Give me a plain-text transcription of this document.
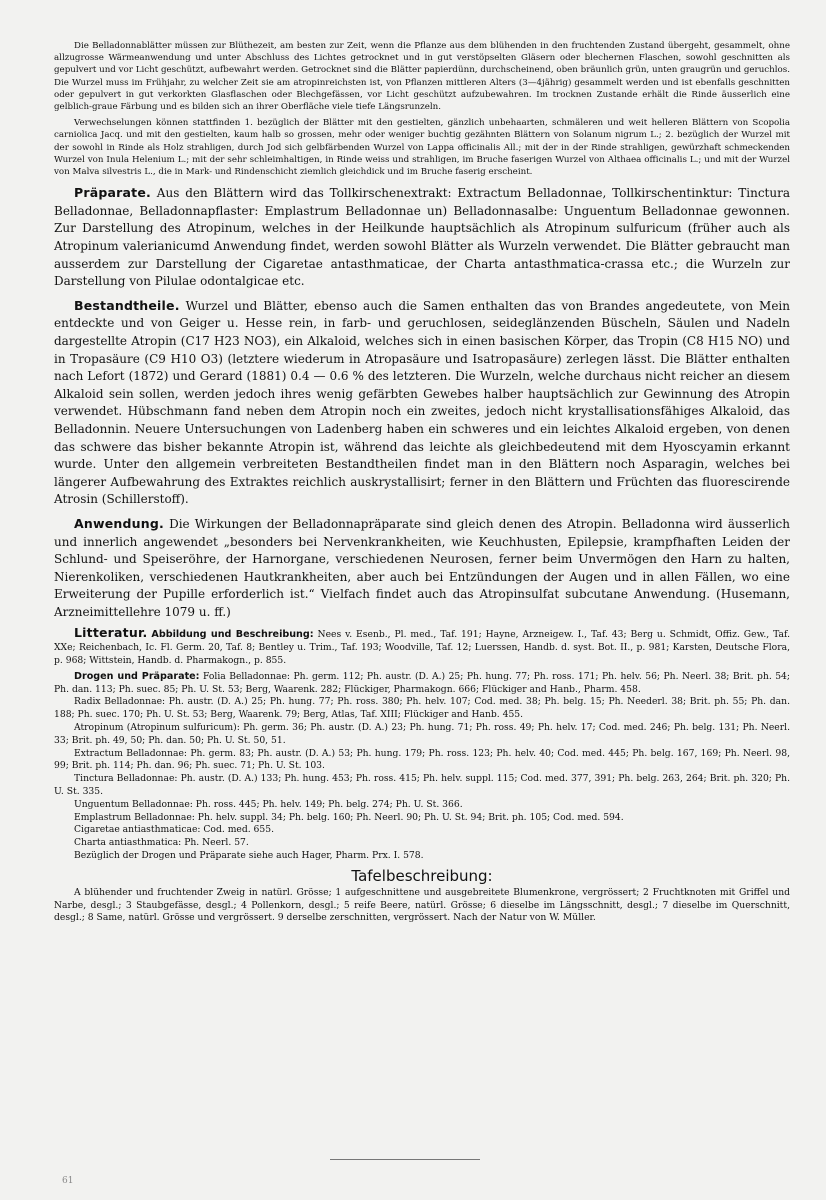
Die Belladonnablätter müssen zur Blüthezeit, am besten zur Zeit, wenn die Pflanze aus dem blühenden in den fruchtenden Zustand übergeht, gesammelt, ohne allzugrosse Wärmeanwendung und unter Abschluss des Lichtes getrocknet und in gut verstöpselten Gläsern oder blechernen Flaschen, sowohl geschnitten als gepulvert und vor Licht geschützt, aufbewahrt werden. Getrocknet sind die Blätter papierdünn, durchscheinend, oben bräunlich grün, unten graugrün und geruchlos. Die Wurzel muss im Frühjahr, zu welcher Zeit sie am atropinreichsten ist, von Pflanzen mittleren Alters (3—4jährig) gesammelt werden und ist ebenfalls geschnitten oder gepulvert in gut verkorkten Glasflaschen oder Blechgefässen, vor Licht geschützt aufzubewahren. Im trocknen Zustande erhält die Rinde äusserlich eine gelblich-graue Färbung und es bilden sich an ihrer Oberfläche viele tiefe Längsrunzeln.

Verwechselungen können stattfinden 1. bezüglich der Blätter mit den gestielten, gänzlich unbehaarten, schmäleren und weit helleren Blättern von Scopolia carniolica Jacq. und mit den gestielten, kaum halb so grossen, mehr oder weniger buchtig gezähnten Blättern von Solanum nigrum L.; 2. bezüglich der Wurzel mit der sowohl in Rinde als Holz strahligen, durch Jod sich gelbfärbenden Wurzel von Lappa officinalis All.; mit der in der Rinde strahligen, gewürzhaft schmeckenden Wurzel von Inula Helenium L.; mit der sehr schleimhaltigen, in Rinde weiss und strahligen, im Bruche faserigen Wurzel von Althaea officinalis L.; und mit der Wurzel von Malva silvestris L., die in Mark- und Rindenschicht ziemlich gleichdick und im Bruche faserig erscheint.

Präparate. Aus den Blättern wird das Tollkirschenextrakt: Extractum Belladonnae, Tollkirschentinktur: Tinctura Belladonnae, Belladonnapflaster: Emplastrum Belladonnae un) Belladonnasalbe: Unguentum Belladonnae gewonnen. Zur Darstellung des Atropinum, welches in der Heilkunde hauptsächlich als Atropinum sulfuricum (früher auch als Atropinum valerianicumd Anwendung findet, werden sowohl Blätter als Wurzeln verwendet. Die Blätter gebraucht man ausserdem zur Darstellung der Cigaretae antasthmaticae, der Charta antasthmatica-crassa etc.; die Wurzeln zur Darstellung von Pilulae odontalgicae etc.

Bestandtheile. Wurzel und Blätter, ebenso auch die Samen enthalten das von Brandes angedeutete, von Mein entdeckte und von Geiger u. Hesse rein, in farb- und geruchlosen, seideglänzenden Büscheln, Säulen und Nadeln dargestellte Atropin (C17 H23 NO3), ein Alkaloid, welches sich in einen basischen Körper, das Tropin (C8 H15 NO) und in Tropasäure (C9 H10 O3) (letztere wiederum in Atropasäure und Isatropasäure) zerlegen lässt. Die Blätter enthalten nach Lefort (1872) und Gerard (1881) 0.4 — 0.6 % des letzteren. Die Wurzeln, welche durchaus nicht reicher an diesem Alkaloid sein sollen, werden jedoch ihres wenig gefärbten Gewebes halber hauptsächlich zur Gewinnung des Atropin verwendet. Hübschmann fand neben dem Atropin noch ein zweites, jedoch nicht krystallisationsfähiges Alkaloid, das Belladonnin. Neuere Untersuchungen von Ladenberg haben ein schweres und ein leichtes Alkaloid ergeben, von denen das schwere das bisher bekannte Atropin ist, während das leichte als gleichbedeutend mit dem Hyoscyamin erkannt wurde. Unter den allgemein verbreiteten Bestandtheilen findet man in den Blättern noch Asparagin, welches bei längerer Aufbewahrung des Extraktes reichlich auskrystallisirt; ferner in den Blättern und Früchten das fluorescirende Atrosin (Schillerstoff).

Anwendung. Die Wirkungen der Belladonnapräparate sind gleich denen des Atropin. Belladonna wird äusserlich und innerlich angewendet „besonders bei Nervenkrankheiten, wie Keuchhusten, Epilepsie, krampfhaften Leiden der Schlund- und Speiseröhre, der Harnorgane, verschiedenen Neurosen, ferner beim Unvermögen den Harn zu halten, Nierenkoliken, verschiedenen Hautkrankheiten, aber auch bei Entzündungen der Augen und in allen Fällen, wo eine Erweiterung der Pupille erforderlich ist.“ Vielfach findet auch das Atropinsulfat subcutane Anwendung. (Husemann, Arzneimittellehre 1079 u. ff.)

Litteratur. Abbildung und Beschreibung: Nees v. Esenb., Pl. med., Taf. 191; Hayne, Arzneigew. I., Taf. 43; Berg u. Schmidt, Offiz. Gew., Taf. XXe; Reichenbach, Ic. Fl. Germ. 20, Taf. 8; Bentley u. Trim., Taf. 193; Woodville, Taf. 12; Luerssen, Handb. d. syst. Bot. II., p. 981; Karsten, Deutsche Flora, p. 968; Wittstein, Handb. d. Pharmakogn., p. 855.

Drogen und Präparate: Folia Belladonnae: Ph. germ. 112; Ph. austr. (D. A.) 25; Ph. hung. 77; Ph. ross. 171; Ph. helv. 56; Ph. Neerl. 38; Brit. ph. 54; Ph. dan. 113; Ph. suec. 85; Ph. U. St. 53; Berg, Waarenk. 282; Flückiger, Pharmakogn. 666; Flückiger and Hanb., Pharm. 458.

Radix Belladonnae: Ph. austr. (D. A.) 25; Ph. hung. 77; Ph. ross. 380; Ph. helv. 107; Cod. med. 38; Ph. belg. 15; Ph. Neederl. 38; Brit. ph. 55; Ph. dan. 188; Ph. suec. 170; Ph. U. St. 53; Berg, Waarenk. 79; Berg, Atlas, Taf. XIII; Flückiger and Hanb. 455.

Atropinum (Atropinum sulfuricum): Ph. germ. 36; Ph. austr. (D. A.) 23; Ph. hung. 71; Ph. ross. 49; Ph. helv. 17; Cod. med. 246; Ph. belg. 131; Ph. Neerl. 33; Brit. ph. 49, 50; Ph. dan. 50; Ph. U. St. 50, 51.

Extractum Belladonnae: Ph. germ. 83; Ph. austr. (D. A.) 53; Ph. hung. 179; Ph. ross. 123; Ph. helv. 40; Cod. med. 445; Ph. belg. 167, 169; Ph. Neerl. 98, 99; Brit. ph. 114; Ph. dan. 96; Ph. suec. 71; Ph. U. St. 103.

Tinctura Belladonnae: Ph. austr. (D. A.) 133; Ph. hung. 453; Ph. ross. 415; Ph. helv. suppl. 115; Cod. med. 377, 391; Ph. belg. 263, 264; Brit. ph. 320; Ph. U. St. 335.

Unguentum Belladonnae: Ph. ross. 445; Ph. helv. 149; Ph. belg. 274; Ph. U. St. 366.

Emplastrum Belladonnae: Ph. helv. suppl. 34; Ph. belg. 160; Ph. Neerl. 90; Ph. U. St. 94; Brit. ph. 105; Cod. med. 594.

Cigaretae antiasthmaticae: Cod. med. 655.

Charta antiasthmatica: Ph. Neerl. 57.

Bezüglich der Drogen und Präparate siehe auch Hager, Pharm. Prx. I. 578.

Tafelbeschreibung:

A blühender und fruchtender Zweig in natürl. Grösse; 1 aufgeschnittene und ausgebreitete Blumenkrone, vergrössert; 2 Fruchtknoten mit Griffel und Narbe, desgl.; 3 Staubgefässe, desgl.; 4 Pollenkorn, desgl.; 5 reife Beere, natürl. Grösse; 6 dieselbe im Längsschnitt, desgl.; 7 dieselbe im Querschnitt, desgl.; 8 Same, natürl. Grösse und vergrössert. 9 derselbe zerschnitten, vergrössert. Nach der Natur von W. Müller.

61
